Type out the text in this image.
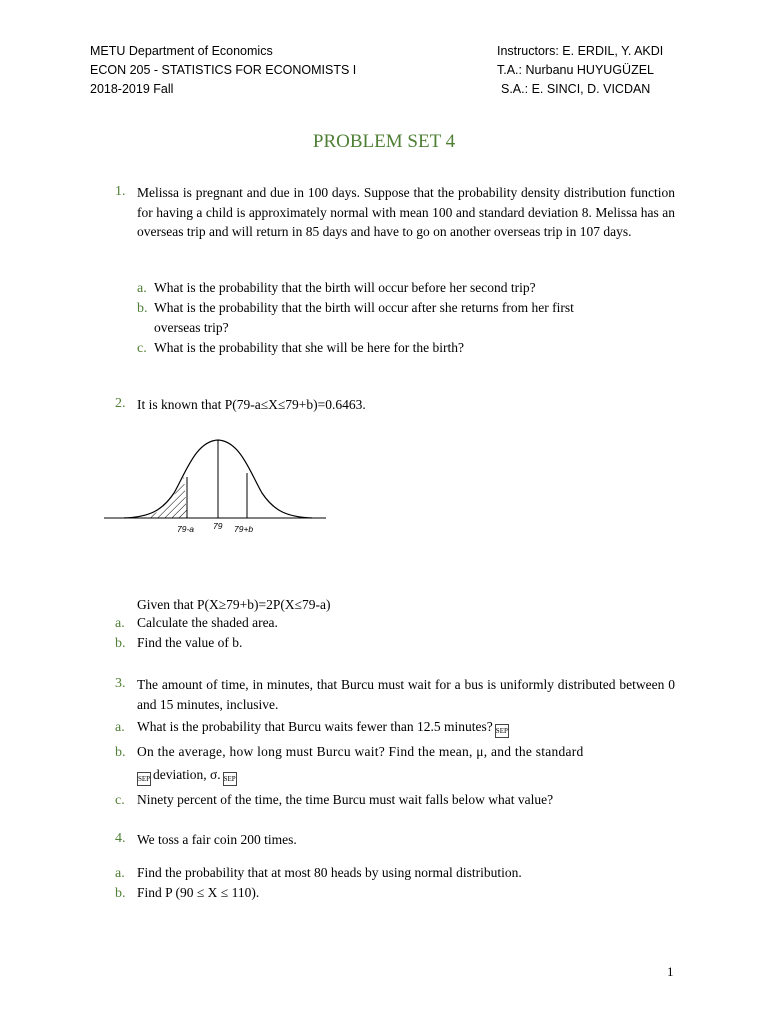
METU Department of Economics
ECON 205 - STATISTICS FOR ECONOMISTS I
2018-2019 Fall
Instructors: E. ERDIL, Y. AKDI
T.A.: Nurbanu HUYUGÜZEL
S.A.: E. SINCI, D. VICDAN
PROBLEM SET 4
1. Melissa is pregnant and due in 100 days. Suppose that the probability density distribution function for having a child is approximately normal with mean 100 and standard deviation 8. Melissa has an overseas trip and will return in 85 days and have to go on another overseas trip in 107 days.
a. What is the probability that the birth will occur before her second trip?
b. What is the probability that the birth will occur after she returns from her first
overseas trip?
c. What is the probability that she will be here for the birth?
2. It is known that P(79-a≤X≤79+b)=0.6463.
79-a 79 79+b
Given that P(X≥79+b)=2P(X≤79-a)
a. Calculate the shaded area.
b. Find the value of b.
3. The amount of time, in minutes, that Burcu must wait for a bus is uniformly distributed between 0 and 15 minutes, inclusive.
a. What is the probability that Burcu waits fewer than 12.5 minutes? SEP
b. On the average, how long must Burcu wait? Find the mean, μ, and the standard
SEP deviation, σ. SEP
c. Ninety percent of the time, the time Burcu must wait falls below what value?
4. We toss a fair coin 200 times.
a. Find the probability that at most 80 heads by using normal distribution.
b. Find P (90 ≤ X ≤ 110).
1
